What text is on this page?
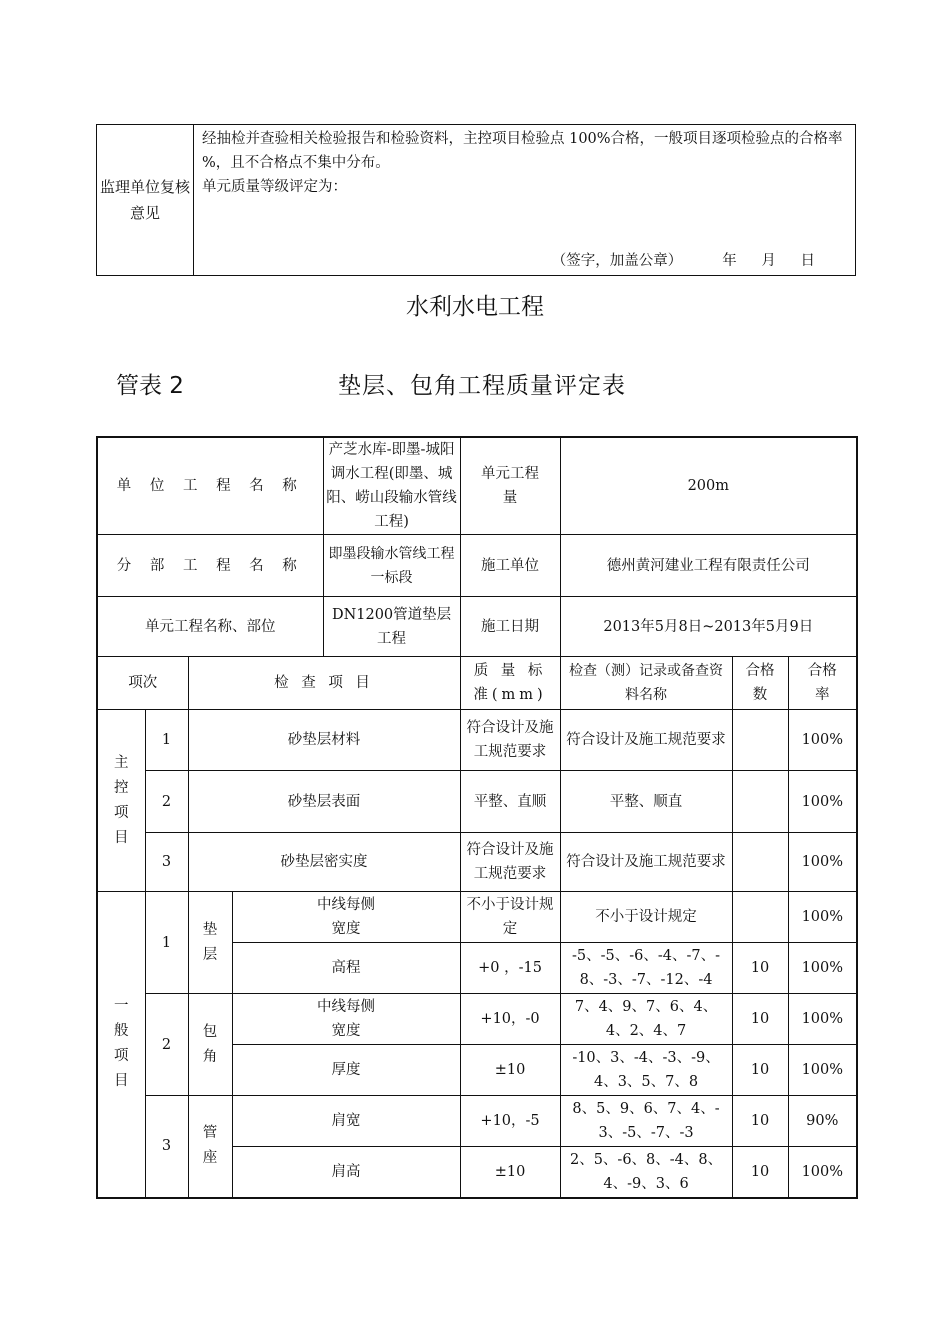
监理单位复核意见	
经抽检并查验相关检验报告和检验资料，主控项目检验点 100%合格，一般项目逐项检验点的合格率 %，且不合格点不集中分布。
单元质量等级评定为：
（签字，加盖公章）	年 月 日
水利水电工程
管表 2	垫层、包角工程质量评定表
单 位 工 程 名 称				产芝水库-即墨-城阳调水工程(即墨、城阳、崂山段输水管线工程)	单元工程量	200m		
分 部 工 程 名 称				即墨段输水管线工程一标段	施工单位	德州黄河建业工程有限责任公司		
单元工程名称、部位				DN1200管道垫层工程	施工日期	2013年5月8日~2013年5月9日		
项次		检 查 项 目			质 量 标 准(mm)	检查（测）记录或备查资料名称	合格数	合格率

主控项目	1	砂垫层材料			符合设计及施工规范要求	符合设计及施工规范要求		100%
	2	砂垫层表面			平整、直顺	平整、顺直		100%
	3	砂垫层密实度			符合设计及施工规范要求	符合设计及施工规范要求		100%

一般项目	1	垫层	中线每侧宽度		不小于设计规定	不小于设计规定		100%
			高程		+0 ，-15	-5、-5、-6、-4、-7、-8、-3、-7、-12、-4	10	100%
	2	包角	中线每侧宽度		+10，-0	7、4、9、7、6、4、4、2、4、7	10	100%
			厚度		±10	-10、3、-4、-3、-9、4、3、5、7、8	10	100%
	3	管座	肩宽		+10，-5	8、5、9、6、7、4、-3、-5、-7、-3	10	90%
			肩高		±10	2、5、-6、8、-4、8、4、-9、3、6	10	100%
